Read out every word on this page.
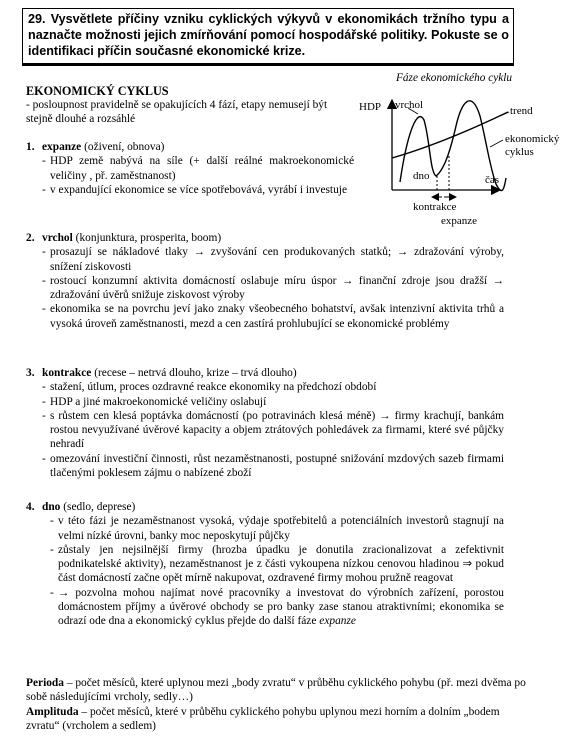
29. Vysvětlete příčiny vzniku cyklických výkyvů v ekonomikách tržního typu a naznačte možnosti jejich zmírňování pomocí hospodářské politiky. Pokuste se o identifikaci příčin současné ekonomické krize.
EKONOMICKÝ CYKLUS
- posloupnost pravidelně se opakujících 4 fází, etapy nemusejí být stejně dlouhé a rozsáhlé
Fáze ekonomického cyklu
HDP vrchol	trend
ekonomický
cyklus
dno	čas
kontrakce
expanze
1. expanze (oživení, obnova)
- HDP země nabývá na síle (+ další reálné makroekonomické veličiny , př. zaměstnanost)
- v expandující ekonomice se více spotřebovává, vyrábí i investuje
2. vrchol (konjunktura, prosperita, boom)
- prosazují se nákladové tlaky → zvyšování cen produkovaných statků; → zdražování výroby, snížení ziskovosti
- rostoucí konzumní aktivita domácností oslabuje míru úspor → finanční zdroje jsou dražší → zdražování úvěrů snižuje ziskovost výroby
- ekonomika se na povrchu jeví jako znaky všeobecného bohatství, avšak intenzivní aktivita trhů a vysoká úroveň zaměstnanosti, mezd a cen zastírá prohlubující se ekonomické problémy
3. kontrakce (recese – netrvá dlouho, krize – trvá dlouho)
- stažení, útlum, proces ozdravné reakce ekonomiky na předchozí období
- HDP a jiné makroekonomické veličiny oslabují
- s růstem cen klesá poptávka domácností (po potravinách klesá méně) → firmy krachují, bankám rostou nevyužívané úvěrové kapacity a objem ztrátových pohledávek za firmami, které své půjčky nehradí
- omezování investiční činnosti, růst nezaměstnanosti, postupné snižování mzdových sazeb firmami tlačenými poklesem zájmu o nabízené zboží
4. dno (sedlo, deprese)
- v této fázi je nezaměstnanost vysoká, výdaje spotřebitelů a potenciálních investorů stagnují na velmi nízké úrovni, banky moc neposkytují půjčky
- zůstaly jen nejsilnější firmy (hrozba úpadku je donutila zracionalizovat a zefektivnit podnikatelské aktivity), nezaměstnanost je z části vykoupena nízkou cenovou hladinou ⇒ pokud část domácností začne opět mírně nakupovat, ozdravené firmy mohou pružně reagovat
- → pozvolna mohou najímat nové pracovníky a investovat do výrobních zařízení, porostou domácnostem příjmy a úvěrové obchody se pro banky zase stanou atraktivními; ekonomika se odrazí ode dna a ekonomický cyklus přejde do další fáze expanze
Perioda – počet měsíců, které uplynou mezi „body zvratu“ v průběhu cyklického pohybu (př. mezi dvěma po sobě následujícími vrcholy, sedly…)
Amplituda – počet měsíců, které v průběhu cyklického pohybu uplynou mezi horním a dolním „bodem zvratu“ (vrcholem a sedlem)
